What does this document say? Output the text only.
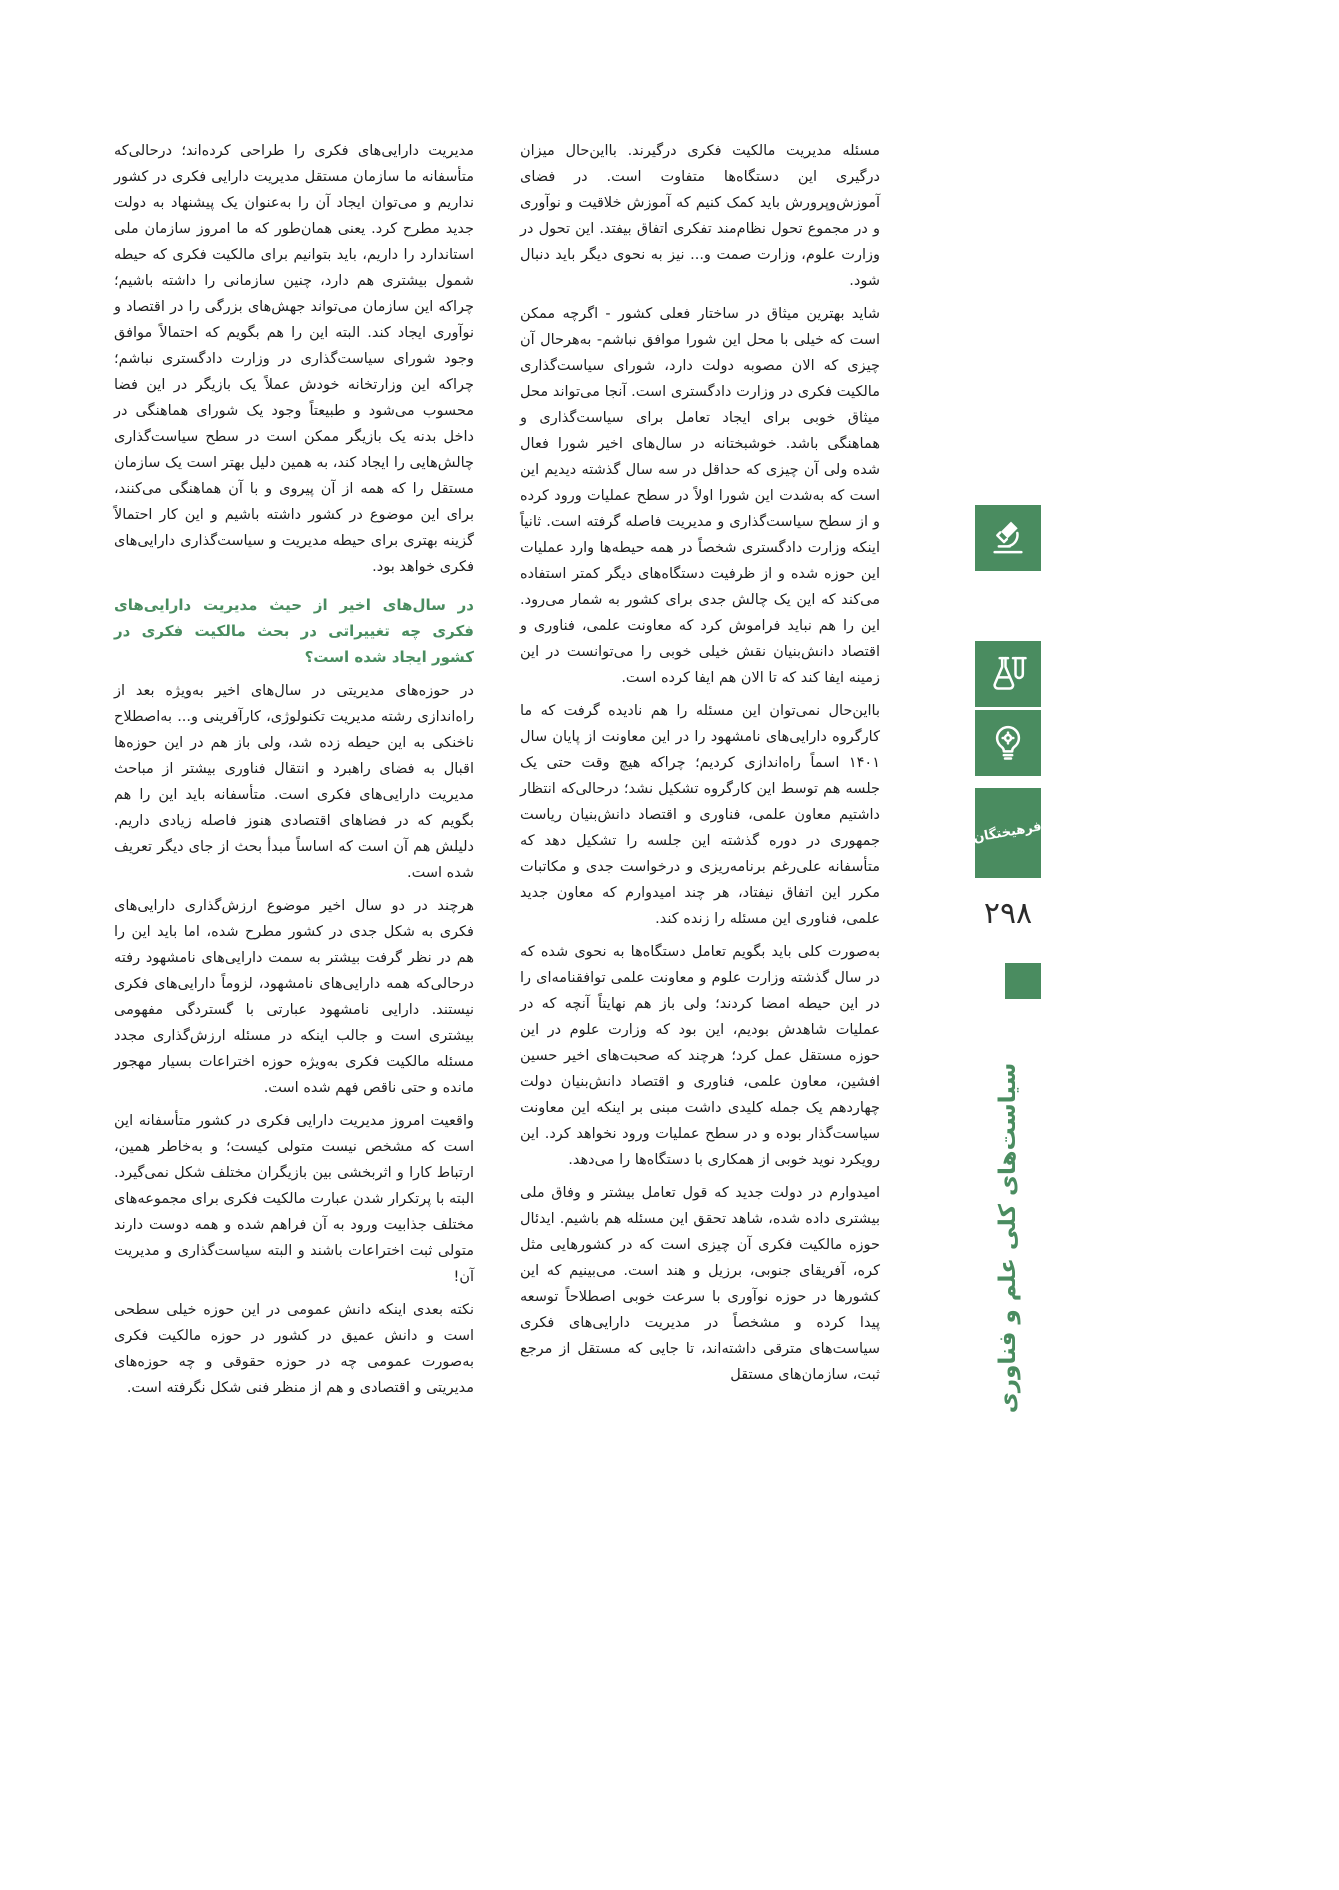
مسئله مدیریت مالکیت فکری درگیرند. بااین‌حال میزان درگیری این دستگاه‌ها متفاوت است. در فضای آموزش‌وپرورش باید کمک کنیم که آموزش خلاقیت و نوآوری و در مجموع تحول نظام‌مند تفکری اتفاق بیفتد. این تحول در وزارت علوم، وزارت صمت و... نیز به نحوی دیگر باید دنبال شود.

شاید بهترین میثاق در ساختار فعلی کشور - اگرچه ممکن است که خیلی با محل این شورا موافق نباشم- به‌هرحال آن چیزی که الان مصوبه دولت دارد، شورای سیاست‌گذاری مالکیت فکری در وزارت دادگستری است. آنجا می‌تواند محل میثاق خوبی برای ایجاد تعامل برای سیاست‌گذاری و هماهنگی باشد. خوشبختانه در سال‌های اخیر شورا فعال شده ولی آن چیزی که حداقل در سه سال گذشته دیدیم این است که به‌شدت این شورا اولاً در سطح عملیات ورود کرده و از سطح سیاست‌گذاری و مدیریت فاصله گرفته است. ثانیاً اینکه وزارت دادگستری شخصاً در همه حیطه‌ها وارد عملیات این حوزه شده و از ظرفیت دستگاه‌های دیگر کمتر استفاده می‌کند که این یک چالش جدی برای کشور به شمار می‌رود. این را هم نباید فراموش کرد که معاونت علمی، فناوری و اقتصاد دانش‌بنیان نقش خیلی خوبی را می‌توانست در این زمینه ایفا کند که تا الان هم ایفا کرده است.

بااین‌حال نمی‌توان این مسئله را هم نادیده گرفت که ما کارگروه دارایی‌های نامشهود را در این معاونت از پایان سال ۱۴۰۱ اسماً راه‌اندازی کردیم؛ چراکه هیچ وقت حتی یک جلسه هم توسط این کارگروه تشکیل نشد؛ درحالی‌که انتظار داشتیم معاون علمی، فناوری و اقتصاد دانش‌بنیان ریاست جمهوری در دوره گذشته این جلسه را تشکیل دهد که متأسفانه علی‌رغم برنامه‌ریزی و درخواست جدی و مکاتبات مکرر این اتفاق نیفتاد، هر چند امیدوارم که معاون جدید علمی، فناوری این مسئله را زنده کند.

به‌صورت کلی باید بگویم تعامل دستگاه‌ها به نحوی شده که در سال گذشته وزارت علوم و معاونت علمی توافقنامه‌ای را در این حیطه امضا کردند؛ ولی باز هم نهایتاً آنچه که در عملیات شاهدش بودیم، این بود که وزارت علوم در این حوزه مستقل عمل کرد؛ هرچند که صحبت‌های اخیر حسین افشین، معاون علمی، فناوری و اقتصاد دانش‌بنیان دولت چهاردهم یک جمله کلیدی داشت مبنی بر اینکه این معاونت سیاست‌گذار بوده و در سطح عملیات ورود نخواهد کرد. این رویکرد نوید خوبی از همکاری با دستگاه‌ها را می‌دهد.

امیدوارم در دولت جدید که قول تعامل بیشتر و وفاق ملی بیشتری داده شده، شاهد تحقق این مسئله هم باشیم. ایدئال حوزه مالکیت فکری آن چیزی است که در کشورهایی مثل کره، آفریقای جنوبی، برزیل و هند است. می‌بینیم که این کشورها در حوزه نوآوری با سرعت خوبی اصطلاحاً توسعه پیدا کرده و مشخصاً در مدیریت دارایی‌های فکری سیاست‌های مترقی داشته‌اند، تا جایی که مستقل از مرجع ثبت، سازمان‌های مستقل

مدیریت دارایی‌های فکری را طراحی کرده‌اند؛ درحالی‌که متأسفانه ما سازمان مستقل مدیریت دارایی فکری در کشور نداریم و می‌توان ایجاد آن را به‌عنوان یک پیشنهاد به دولت جدید مطرح کرد. یعنی همان‌طور که ما امروز سازمان ملی استاندارد را داریم، باید بتوانیم برای مالکیت فکری که حیطه شمول بیشتری هم دارد، چنین سازمانی را داشته باشیم؛ چراکه این سازمان می‌تواند جهش‌های بزرگی را در اقتصاد و نوآوری ایجاد کند. البته این را هم بگویم که احتمالاً موافق وجود شورای سیاست‌گذاری در وزارت دادگستری نباشم؛ چراکه این وزارتخانه خودش عملاً یک بازیگر در این فضا محسوب می‌شود و طبیعتاً وجود یک شورای هماهنگی در داخل بدنه یک بازیگر ممکن است در سطح سیاست‌گذاری چالش‌هایی را ایجاد کند، به همین دلیل بهتر است یک سازمان مستقل را که همه از آن پیروی و با آن هماهنگی می‌کنند، برای این موضوع در کشور داشته باشیم و این کار احتمالاً گزینه بهتری برای حیطه مدیریت و سیاست‌گذاری دارایی‌های فکری خواهد بود.

در سال‌های اخیر از حیث مدیریت دارایی‌های فکری چه تغییراتی در بحث مالکیت فکری در کشور ایجاد شده است؟

در حوزه‌های مدیریتی در سال‌های اخیر به‌ویژه بعد از راه‌اندازی رشته مدیریت تکنولوژی، کارآفرینی و... به‌اصطلاح ناخنکی به این حیطه زده شد، ولی باز هم در این حوزه‌ها اقبال به فضای راهبرد و انتقال فناوری بیشتر از مباحث مدیریت دارایی‌های فکری است. متأسفانه باید این را هم بگویم که در فضاهای اقتصادی هنوز فاصله زیادی داریم. دلیلش هم آن است که اساساً مبدأ بحث از جای دیگر تعریف شده است.

هرچند در دو سال اخیر موضوع ارزش‌گذاری دارایی‌های فکری به شکل جدی در کشور مطرح شده، اما باید این را هم در نظر گرفت بیشتر به سمت دارایی‌های نامشهود رفته درحالی‌که همه دارایی‌های نامشهود، لزوماً دارایی‌های فکری نیستند. دارایی نامشهود عبارتی با گستردگی مفهومی بیشتری است و جالب اینکه در مسئله ارزش‌گذاری مجدد مسئله مالکیت فکری به‌ویژه حوزه اختراعات بسیار مهجور مانده و حتی ناقص فهم شده است.

واقعیت امروز مدیریت دارایی فکری در کشور متأسفانه این است که مشخص نیست متولی کیست؛ و به‌خاطر همین، ارتباط کارا و اثربخشی بین بازیگران مختلف شکل نمی‌گیرد. البته با پرتکرار شدن عبارت مالکیت فکری برای مجموعه‌های مختلف جذابیت ورود به آن فراهم شده و همه دوست دارند متولی ثبت اختراعات باشند و البته سیاست‌گذاری و مدیریت آن!

نکته بعدی اینکه دانش عمومی در این حوزه خیلی سطحی است و دانش عمیق در کشور در حوزه مالکیت فکری به‌صورت عمومی چه در حوزه حقوقی و چه حوزه‌های مدیریتی و اقتصادی و هم از منظر فنی شکل نگرفته است.

فرهیختگان
۲۹۸
سیاست‌های کلی علم و فناوری
